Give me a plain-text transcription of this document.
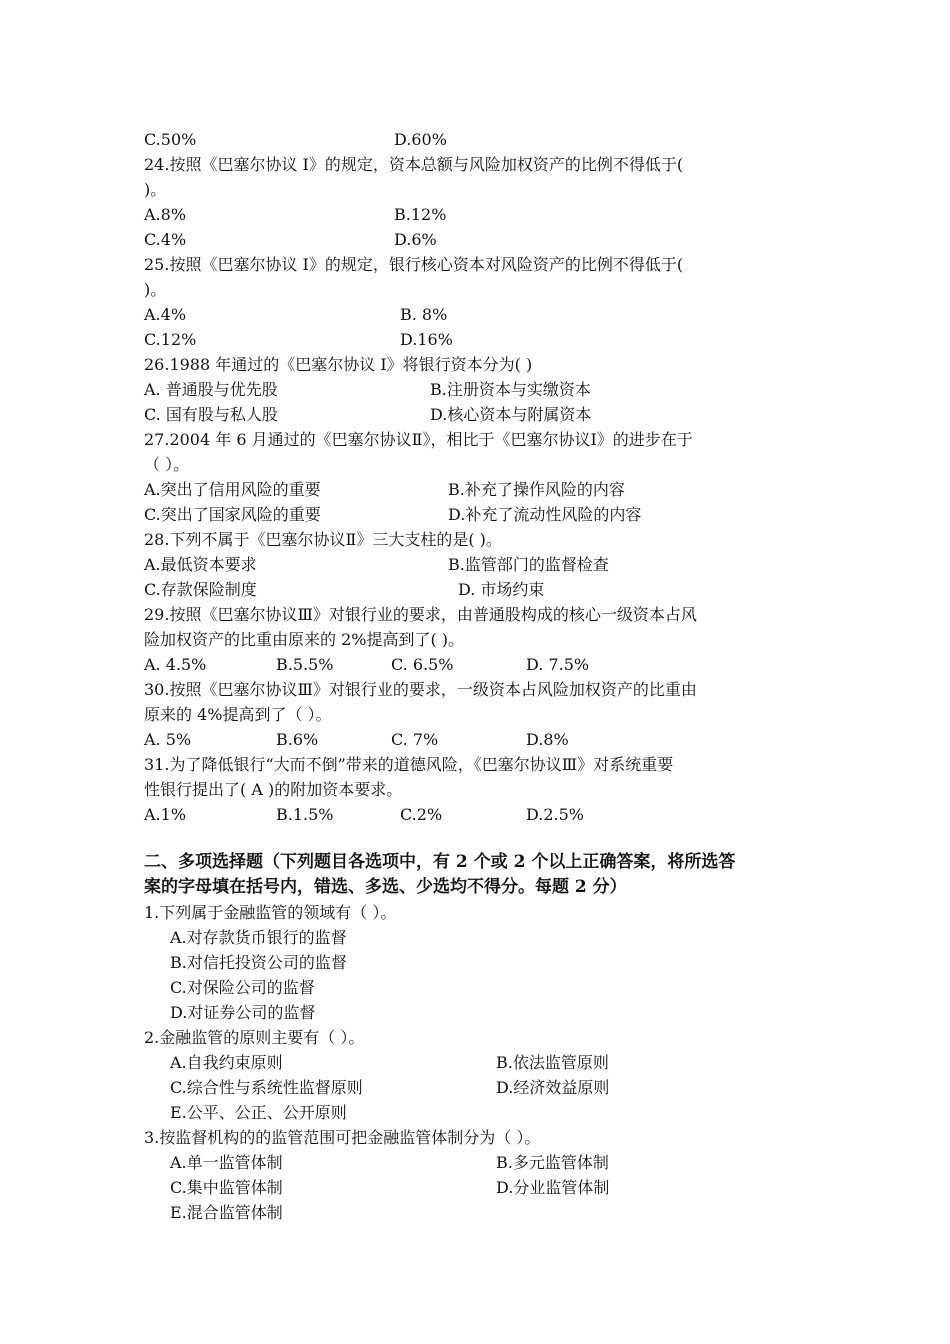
C.50%	D.60%
24.按照《巴塞尔协议 I》的规定，资本总额与风险加权资产的比例不得低于(
)。
A.8%	B.12%
C.4%	D.6%
25.按照《巴塞尔协议 I》的规定，银行核心资本对风险资产的比例不得低于(
)。
A.4%	B. 8%
C.12%	D.16%
26.1988 年通过的《巴塞尔协议 I》将银行资本分为( )
A. 普通股与优先股	B.注册资本与实缴资本
C. 国有股与私人股	D.核心资本与附属资本
27.2004 年 6 月通过的《巴塞尔协议Ⅱ》，相比于《巴塞尔协议Ⅰ》的进步在于
（ ）。
A.突出了信用风险的重要	B.补充了操作风险的内容
C.突出了国家风险的重要	D.补充了流动性风险的内容
28.下列不属于《巴塞尔协议Ⅱ》三大支柱的是( )。
A.最低资本要求	B.监管部门的监督检查
C.存款保险制度	D. 市场约束
29.按照《巴塞尔协议Ⅲ》对银行业的要求，由普通股构成的核心一级资本占风
险加权资产的比重由原来的 2%提高到了( )。
A. 4.5%	B.5.5%	C. 6.5%	D. 7.5%
30.按照《巴塞尔协议Ⅲ》对银行业的要求，一级资本占风险加权资产的比重由
原来的 4%提高到了（ ）。
A. 5%	B.6%	C. 7%	D.8%
31.为了降低银行“大而不倒”带来的道德风险，《巴塞尔协议Ⅲ》对系统重要
性银行提出了( A )的附加资本要求。
A.1%	B.1.5%	C.2%	D.2.5%
二、多项选择题（下列题目各选项中，有 2 个或 2 个以上正确答案，将所选答
案的字母填在括号内，错选、多选、少选均不得分。每题 2 分）
1.下列属于金融监管的领域有（ ）。
A.对存款货币银行的监督
B.对信托投资公司的监督
C.对保险公司的监督
D.对证券公司的监督
2.金融监管的原则主要有（ ）。
A.自我约束原则	B.依法监管原则
C.综合性与系统性监督原则	D.经济效益原则
E.公平、公正、公开原则
3.按监督机构的的监管范围可把金融监管体制分为（ ）。
A.单一监管体制	B.多元监管体制
C.集中监管体制	D.分业监管体制
E.混合监管体制
